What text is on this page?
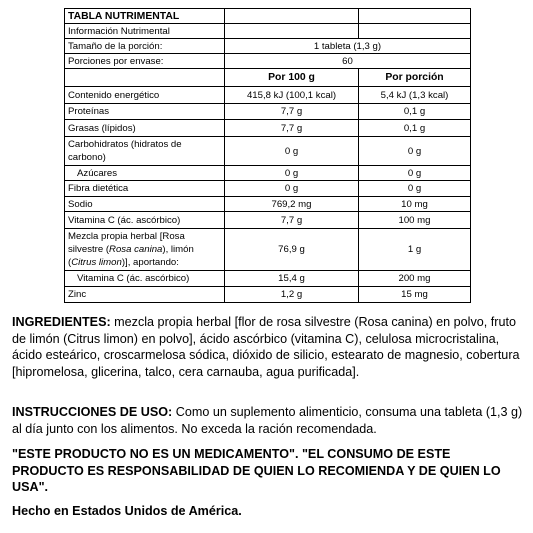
TABLA NUTRIMENTAL		
Información Nutrimental		
Tamaño de la porción:	1 tableta (1,3 g)	
Porciones por envase:	60	
	Por 100 g	Por porción
Contenido energético	415,8 kJ (100,1 kcal)	5,4 kJ (1,3 kcal)
Proteínas	7,7 g	0,1 g
Grasas (lípidos)	7,7 g	0,1 g
Carbohidratos (hidratos de carbono)	0 g	0 g
Azúcares	0 g	0 g
Fibra dietética	0 g	0 g
Sodio	769,2 mg	10 mg
Vitamina C (ác. ascórbico)	7,7 g	100 mg
Mezcla propia herbal [Rosa silvestre (Rosa canina), limón (Citrus limon)], aportando:	76,9 g	1 g
Vitamina C (ác. ascórbico)	15,4 g	200 mg
Zinc	1,2 g	15 mg
INGREDIENTES: mezcla propia herbal [flor de rosa silvestre (Rosa canina) en polvo, fruto de limón (Citrus limon) en polvo], ácido ascórbico (vitamina C), celulosa microcristalina, ácido esteárico, croscarmelosa sódica, dióxido de silicio, estearato de magnesio, cobertura [hipromelosa, glicerina, talco, cera carnauba, agua purificada].
INSTRUCCIONES DE USO: Como un suplemento alimenticio, consuma una tableta (1,3 g) al día junto con los alimentos. No exceda la ración recomendada.
"ESTE PRODUCTO NO ES UN MEDICAMENTO". "EL CONSUMO DE ESTE PRODUCTO ES RESPONSABILIDAD DE QUIEN LO RECOMIENDA Y DE QUIEN LO USA".
Hecho en Estados Unidos de América.
